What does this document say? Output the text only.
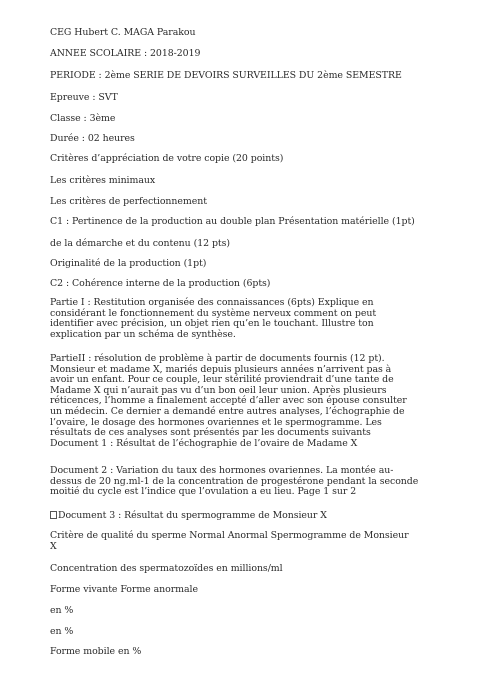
CEG Hubert C. MAGA Parakou
ANNEE SCOLAIRE : 2018-2019
PERIODE : 2ème SERIE DE DEVOIRS SURVEILLES DU 2ème SEMESTRE
Epreuve : SVT
Classe : 3ème
Durée : 02 heures
Critères d’appréciation de votre copie (20 points)
Les critères minimaux
Les critères de perfectionnement
C1 : Pertinence de la production au double plan Présentation matérielle (1pt)
de la démarche et du contenu (12 pts)
Originalité de la production (1pt)
C2 : Cohérence interne de la production (6pts)
Partie I : Restitution organisée des connaissances (6pts) Explique en
considérant le fonctionnement du système nerveux comment on peut
identifier avec précision, un objet rien qu’en le touchant. Illustre ton
explication par un schéma de synthèse.
PartieII : résolution de problème à partir de documents fournis (12 pt).
Monsieur et madame X, mariés depuis plusieurs années n’arrivent pas à
avoir un enfant. Pour ce couple, leur stérilité proviendrait d’une tante de
Madame X qui n’aurait pas vu d’un bon oeil leur union. Après plusieurs
réticences, l’homme a finalement accepté d’aller avec son épouse consulter
un médecin. Ce dernier a demandé entre autres analyses, l’échographie de
l’ovaire, le dosage des hormones ovariennes et le spermogramme. Les
résultats de ces analyses sont présentés par les documents suivants
Document 1 : Résultat de l’échographie de l’ovaire de Madame X
Document 2 : Variation du taux des hormones ovariennes. La montée au-
dessus de 20 ng.ml-1 de la concentration de progestérone pendant la seconde
moitié du cycle est l’indice que l’ovulation a eu lieu. Page 1 sur 2
Document 3 : Résultat du spermogramme de Monsieur X
Critère de qualité du sperme Normal Anormal Spermogramme de Monsieur
X
Concentration des spermatozoïdes en millions/ml
Forme vivante Forme anormale
en %
en %
Forme mobile en %
